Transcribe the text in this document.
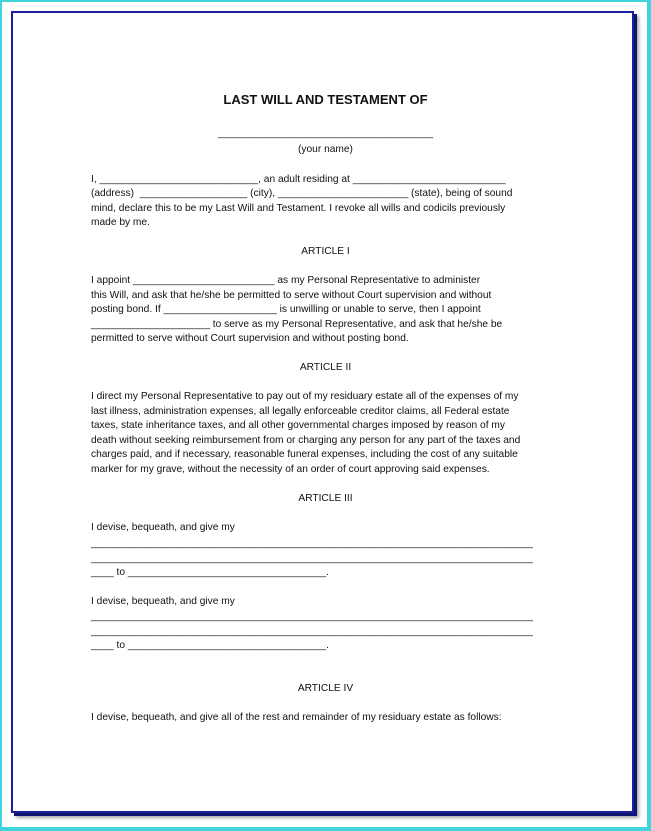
LAST WILL AND TESTAMENT OF
______________________________________
(your name)
I, ____________________________, an adult residing at ___________________________
(address)  ___________________ (city), _______________________ (state), being of sound
mind, declare this to be my Last Will and Testament. I revoke all wills and codicils previously
made by me.
ARTICLE I
I appoint _________________________ as my Personal Representative to administer
this Will, and ask that he/she be permitted to serve without Court supervision and without
posting bond. If ____________________ is unwilling or unable to serve, then I appoint
_____________________ to serve as my Personal Representative, and ask that he/she be
permitted to serve without Court supervision and without posting bond.
ARTICLE II
I direct my Personal Representative to pay out of my residuary estate all of the expenses of my
last illness, administration expenses, all legally enforceable creditor claims, all Federal estate
taxes, state inheritance taxes, and all other governmental charges imposed by reason of my
death without seeking reimbursement from or charging any person for any part of the taxes and
charges paid, and if necessary, reasonable funeral expenses, including the cost of any suitable
marker for my grave, without the necessity of an order of court approving said expenses.
ARTICLE III
I devise, bequeath, and give my
______________________________________________________________________________
______________________________________________________________________________
____ to ___________________________________.
I devise, bequeath, and give my
______________________________________________________________________________
______________________________________________________________________________
____ to ___________________________________.
ARTICLE IV
I devise, bequeath, and give all of the rest and remainder of my residuary estate as follows:
